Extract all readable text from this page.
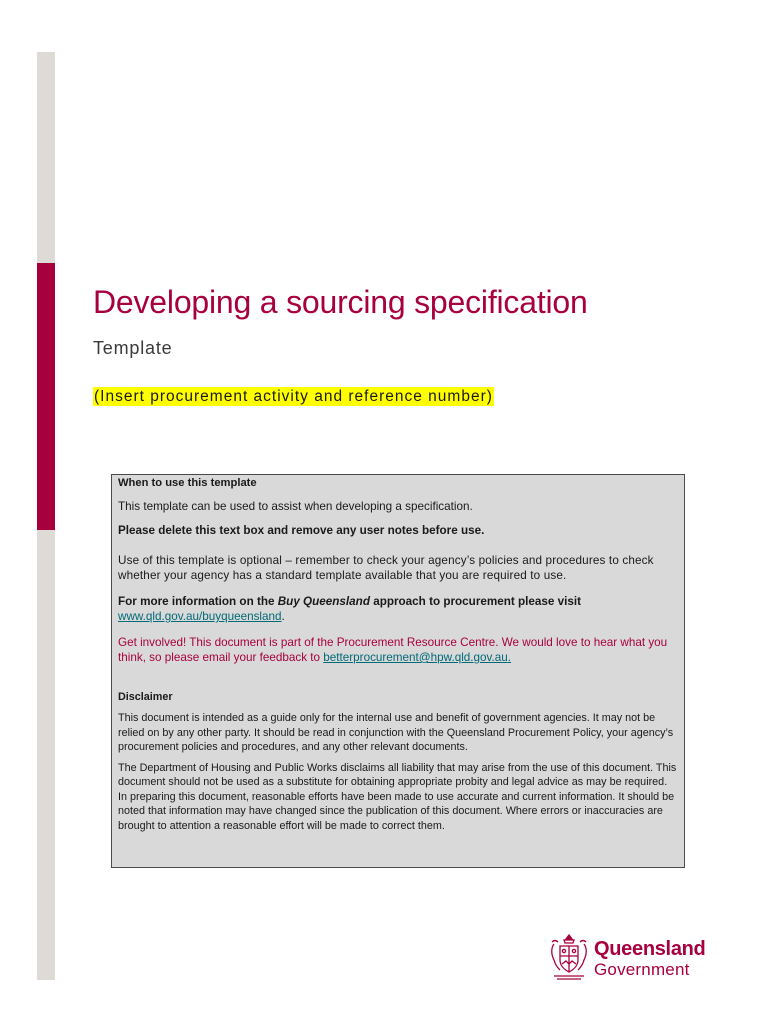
Developing a sourcing specification

Template

(Insert procurement activity and reference number)

When to use this template

This template can be used to assist when developing a specification.

Please delete this text box and remove any user notes before use.

Use of this template is optional – remember to check your agency’s policies and procedures to check whether your agency has a standard template available that you are required to use.

For more information on the Buy Queensland approach to procurement please visit

www.qld.gov.au/buyqueensland.

Get involved! This document is part of the Procurement Resource Centre. We would love to hear what you think, so please email your feedback to betterprocurement@hpw.qld.gov.au.

Disclaimer

This document is intended as a guide only for the internal use and benefit of government agencies. It may not be relied on by any other party. It should be read in conjunction with the Queensland Procurement Policy, your agency’s procurement policies and procedures, and any other relevant documents.

The Department of Housing and Public Works disclaims all liability that may arise from the use of this document. This document should not be used as a substitute for obtaining appropriate probity and legal advice as may be required. In preparing this document, reasonable efforts have been made to use accurate and current information. It should be noted that information may have changed since the publication of this document. Where errors or inaccuracies are brought to attention a reasonable effort will be made to correct them.

Queensland
Government
